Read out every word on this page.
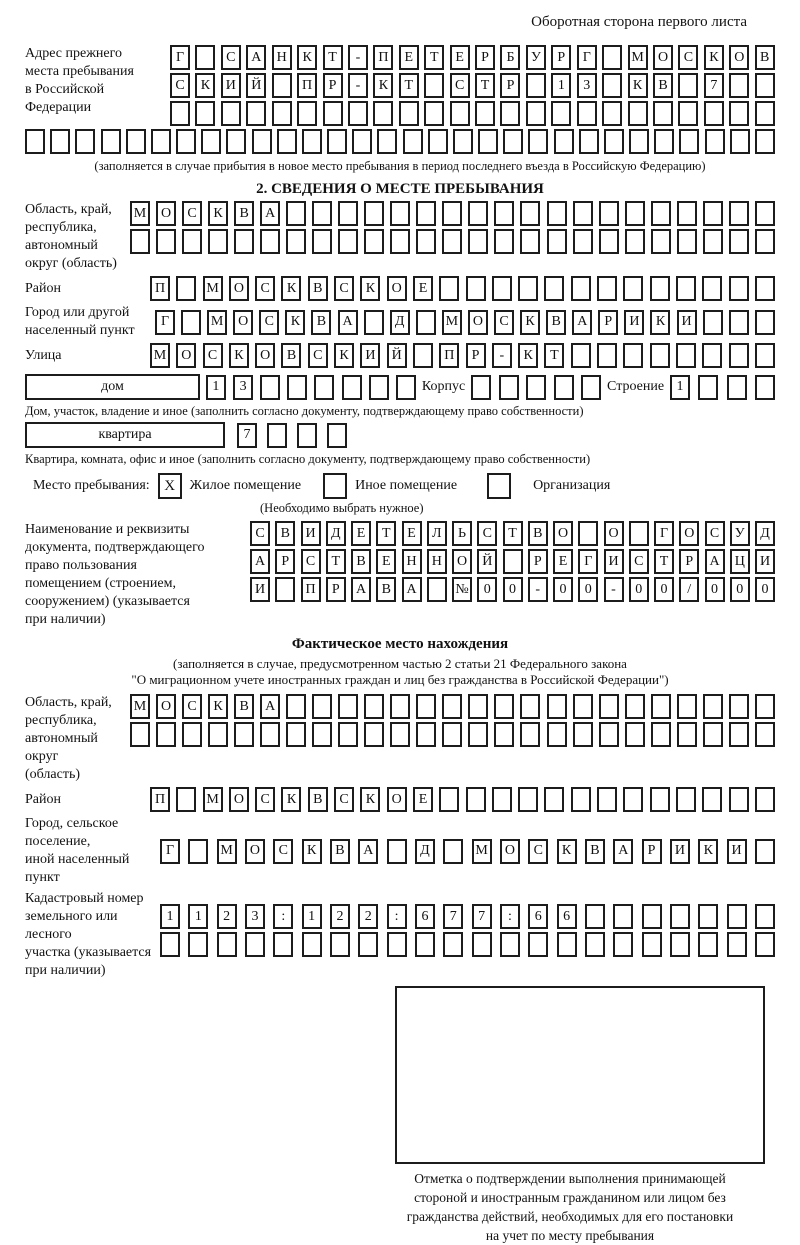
Оборотная сторона первого листа
Адрес прежнего
места пребывания
в Российской
Федерации
Г	С	А	Н	К	Т	-	П	Е	Т	Е	Р	Б	У	Р	Г	М	О	С	К	О	В
С	К	И	Й	П	Р	-	К	Т	С	Т	Р	1	3	К	В	7
(заполняется в случае прибытия в новое место пребывания в период последнего въезда в Российскую Федерацию)
2. СВЕДЕНИЯ О МЕСТЕ ПРЕБЫВАНИЯ
Область, край,
республика,
автономный
округ (область)
М	О	С	К	В	А
Район	П	М	О	С	К	В	С	К	О	Е
Город или другой
населенный пункт
Г	М	О	С	К	В	А	Д	М	О	С	К	В	А	Р	И	К	И
Улица	М	О	С	К	О	В	С	К	И	Й	П	Р	-	К	Т
дом	1	3	Корпус	Строение 1
Дом, участок, владение и иное (заполнить согласно документу, подтверждающему право собственности)
квартира	7
Квартира, комната, офис и иное (заполнить согласно документу, подтверждающему право собственности)
Место пребывания: X	Жилое помещение	Иное помещение	Организация
(Необходимо выбрать нужное)
Наименование и реквизиты
документа, подтверждающего
право пользования
помещением (строением,
сооружением) (указывается
при наличии)
С	В	И	Д	Е	Т	Е	Л	Ь	С	Т	В	О	О	Г	О	С	У	Д
А	Р	С	Т	В	Е	Н	Н	О	Й	Р	Е	Г	И	С	Т	Р	А	Ц	И
И	П	Р	А	В	А	№	0	0	-	0	0	-	0	0	/	0	0	0
Фактическое место нахождения
(заполняется в случае, предусмотренном частью 2 статьи 21 Федерального закона
"О миграционном учете иностранных граждан и лиц без гражданства в Российской Федерации")
Область, край,
республика,
автономный округ
(область)
М	О	С	К	В	А
Район	П	М	О	С	К	В	С	К	О	Е
Город, сельское поселение,
иной населенный пункт
Г	М	О	С	К	В	А	Д	М	О	С	К	В	А	Р	И	К	И
Кадастровый номер
земельного или лесного
участка (указывается
при наличии)
1	1	2	3	:	1	2	2	:	6	7	7	:	6	6
Отметка о подтверждении выполнения принимающей
стороной и иностранным гражданином или лицом без
гражданства действий, необходимых для его постановки
на учет по месту пребывания
